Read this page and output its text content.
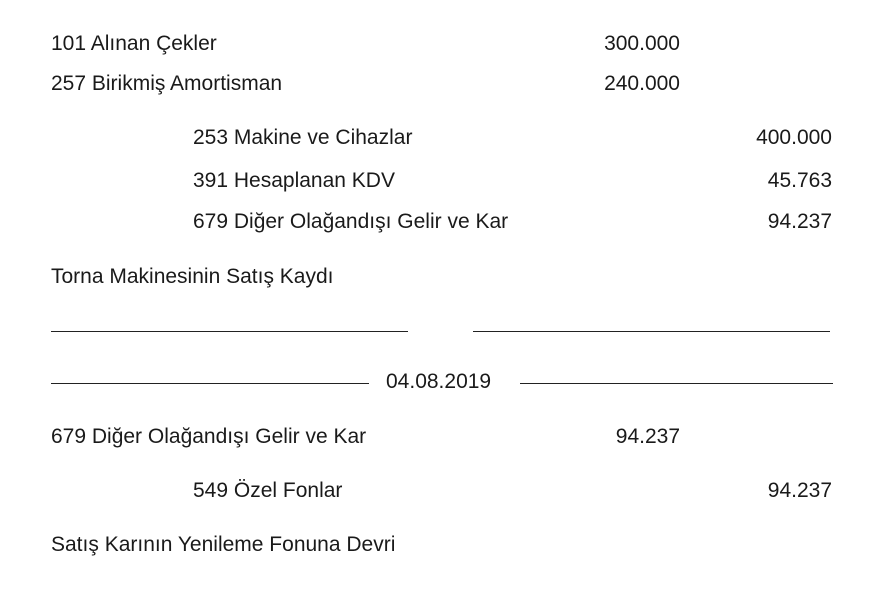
101 Alınan Çekler	300.000
257 Birikmiş Amortisman	240.000
253 Makine ve Cihazlar	400.000
391 Hesaplanan KDV	45.763
679 Diğer Olağandışı Gelir ve Kar	94.237
Torna Makinesinin Satış Kaydı
04.08.2019
679 Diğer Olağandışı Gelir ve Kar	94.237
549 Özel Fonlar	94.237
Satış Karının Yenileme Fonuna Devri
